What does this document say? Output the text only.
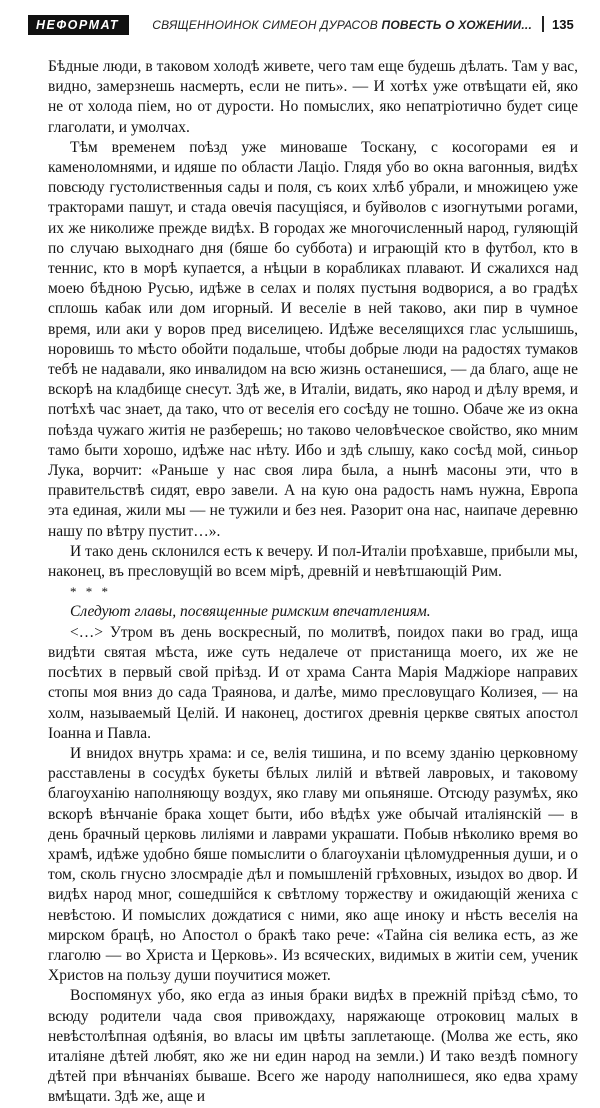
НЕФОРМАТ	СВЯЩЕННОИНОК СИМЕОН ДУРАСОВ ПОВЕСТЬ О ХОЖЕНИИ... 135

Бѣдные люди, в таковом холодѣ живете, чего там еще будешь дѣлать. Там у вас, видно, замерзнешь насмерть, если не пить». — И хотѣх уже отвѣщати ей, яко не от холода піем, но от дурости. Но помыслих, яко непатріотично будет сице глаголати, и умолчах.

Тѣм временем поѣзд уже миноваше Тоскану, с косогорами ея и каменоломнями, и идяше по области Лаціо. Глядя убо во окна вагонныя, видѣх повсюду густолиственныя сады и поля, съ коих хлѣб убрали, и множицею уже тракторами пашут, и стада овечія пасущіяся, и буйволов с изогнутыми рогами, их же николиже прежде видѣх. В городах же многочисленный народ, гуляющій по случаю выходнаго дня (бяше бо суббота) и играющій кто в футбол, кто в теннис, кто в морѣ купается, а нѣцыи в корабликах плавают. И сжалихся над моею бѣдною Русью, идѣже в селах и полях пустыня водворися, а во градѣх сплошь кабак или дом игорный. И веселіе в ней таково, аки пир в чумное время, или аки у воров пред виселицею. Идѣже веселящихся глас услышишь, норовишь то мѣсто обойти подальше, чтобы добрые люди на радостях тумаков тебѣ не надавали, яко инвалидом на всю жизнь останешися, — да благо, аще не вскорѣ на кладбище снесут. Здѣ же, в Италіи, видать, яко народ и дѣлу время, и потѣхѣ час знает, да тако, что от веселія его сосѣду не тошно. Обаче же из окна поѣзда чужаго житія не разберешь; но таково человѣческое свойство, яко мним тамо быти хорошо, идѣже нас нѣту. Ибо и здѣ слышу, како сосѣд мой, синьор Лука, ворчит: «Раньше у нас своя лира была, а нынѣ масоны эти, что в правительствѣ сидят, евро завели. А на кую она радость намъ нужна, Европа эта единая, жили мы — не тужили и без нея. Разорит она нас, наипаче деревню нашу по вѣтру пустит…».

И тако день склонился есть к вечеру. И пол-Италіи проѣхавше, прибыли мы, наконец, въ пресловущій во всем мірѣ, древній и невѣтшающій Рим.

* * *

Следуют главы, посвященные римским впечатлениям.

<…> Утром въ день воскресный, по молитвѣ, поидох паки во град, ища видѣти святая мѣста, иже суть недалече от пристанища моего, их же не посѣтих в первый свой пріѣзд. И от храма Санта Марія Маджіоре направих стопы моя вниз до сада Траянова, и далѣе, мимо пресловущаго Колизея, — на холм, называемый Целій. И наконец, достигох древнія церкве святых апостол Іоанна и Павла.

И внидох внутрь храма: и се, велія тишина, и по всему зданію церковному расставлены в сосудѣх букеты бѣлых лилій и вѣтвей лавровых, и таковому благоуханію наполняющу воздух, яко главу ми опьяняше. Отсюду разумѣх, яко вскорѣ вѣнчаніе брака хощет быти, ибо вѣдѣх уже обычай италіянскій — в день брачный церковь лиліями и лаврами украшати. Побыв нѣколико время во храмѣ, идѣже удобно бяше помыслити о благоуханіи цѣломудренныя души, и о том, сколь гнусно злосмрадіе дѣл и помышленій грѣховных, изыдох во двор. И видѣх народ мног, сошедшійся к свѣтлому торжеству и ожидающій жениха с невѣстою. И помыслих дождатися с ними, яко аще иноку и нѣсть веселія на мирском брацѣ, но Апостол о бракѣ тако рече: «Тайна сія велика есть, аз же глаголю — во Христа и Церковь». Из всяческих, видимых в житіи сем, ученик Христов на пользу души поучитися может.

Воспомянух убо, яко егда аз иныя браки видѣх в прежній пріѣзд сѣмо, то всюду родители чада своя привождаху, наряжающе отроковиц малых в невѣстолѣпная одѣянія, во власы им цвѣты заплетающе. (Молва же есть, яко италіяне дѣтей любят, яко же ни един народ на земли.) И тако вездѣ помногу дѣтей при вѣнчаніях бываше. Всего же народу наполнишеся, яко едва храму вмѣщати. Здѣ же, аще и
